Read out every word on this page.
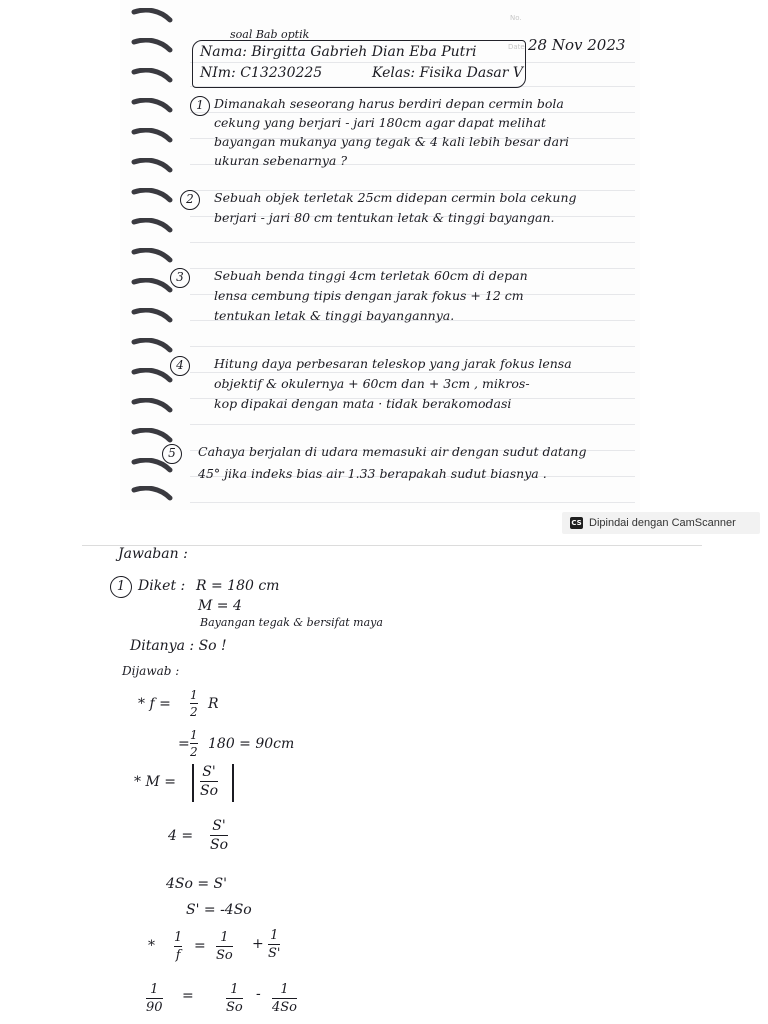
No.
Date 28 Nov 2023
soal Bab optik
Nama: Birgitta Gabrieh Dian Eba Putri
NIm: C13230225	Kelas: Fisika Dasar V
1 Dimanakah seseorang harus berdiri depan cermin bola
cekung yang berjari - jari 180cm agar dapat melihat
bayangan mukanya yang tegak & 4 kali lebih besar dari
ukuran sebenarnya ?
2	Sebuah objek terletak 25cm didepan cermin bola cekung
berjari - jari 80 cm tentukan letak & tinggi bayangan.
3	Sebuah benda tinggi 4cm terletak 60cm di depan
lensa cembung tipis dengan jarak fokus + 12 cm
tentukan letak & tinggi bayangannya.
4	Hitung daya perbesaran teleskop yang jarak fokus lensa
objektif & okulernya + 60cm dan + 3cm , mikros-
kop dipakai dengan mata · tidak berakomodasi
5	Cahaya berjalan di udara memasuki air dengan sudut datang
45° jika indeks bias air 1.33 berapakah sudut biasnya .
CS Dipindai dengan CamScanner
Jawaban :
1 Diket : R = 180 cm
M = 4
Bayangan tegak & bersifat maya
Ditanya : So !
Dijawab :
* f =
1
2
R
=
1
2
180 = 90cm
* M =
S'
So
4 =
S'
So
4So = S'
S' = -4So
*
1
f
=
1
So
+
1
S'
1
90
=	1
So
- 1
4So
